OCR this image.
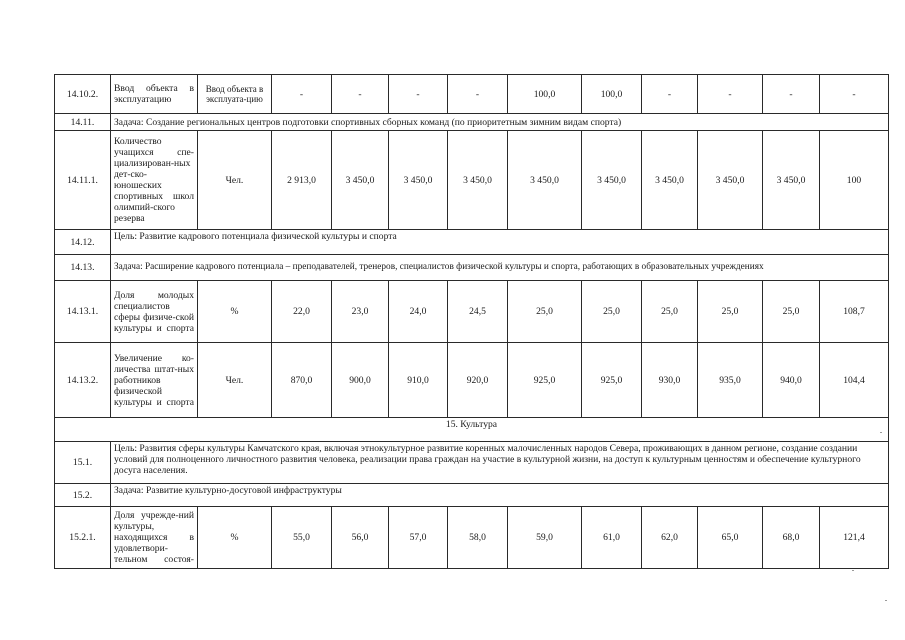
14.10.2.	Ввод объекта в эксплуатацию	Ввод объекта в эксплуата-цию	-	-	-	-	100,0	100,0	-	-	-	-
14.11.	Задача: Создание региональных центров подготовки спортивных сборных команд (по приоритетным зимним видам спорта)											
14.11.1.	Количество учащихся спе-циализирован-ных дет-ско-юношеских спортивных школ олимпий-ского резерва	Чел.	2 913,0	3 450,0	3 450,0	3 450,0	3 450,0	3 450,0	3 450,0	3 450,0	3 450,0	100
14.12.	Цель: Развитие кадрового потенциала физической культуры и спорта											
14.13.	Задача: Расширение кадрового потенциала – преподавателей, тренеров, специалистов физической культуры и спорта, работающих в образовательных учреждениях											
14.13.1.	Доля молодых специалистов сферы физиче-ской культуры и спорта	%	22,0	23,0	24,0	24,5	25,0	25,0	25,0	25,0	25,0	108,7
14.13.2.	Увеличение ко-личества штат-ных работников физической культуры и спорта	Чел.	870,0	900,0	910,0	920,0	925,0	925,0	930,0	935,0	940,0	104,4
15. Культура												
15.1.	Цель: Развития сферы культуры Камчатского края, включая этнокультурное развитие коренных малочисленных народов Севера, проживающих в данном регионе, создание создании условий для полноценного личностного развития человека, реализации права граждан на участие в культурной жизни, на доступ к культурным ценностям и обеспечение культурного досуга населения.											
15.2.	Задача: Развитие культурно-досуговой инфраструктуры											
15.2.1.	Доля учрежде-ний культуры, находящихся в удовлетвори-тельном состоя-	%	55,0	56,0	57,0	58,0	59,0	61,0	62,0	65,0	68,0	121,4
